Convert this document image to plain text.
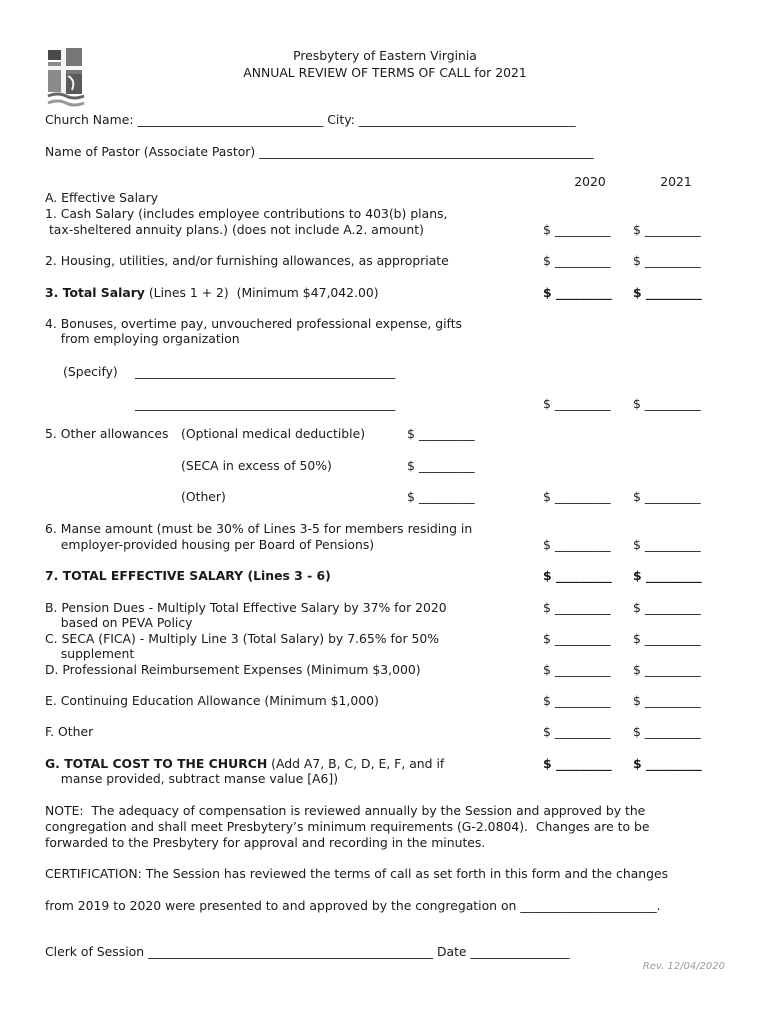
Presbytery of Eastern Virginia
ANNUAL REVIEW OF TERMS OF CALL for 2021
Church Name: ______________________________ City: ___________________________________
Name of Pastor (Associate Pastor) ______________________________________________________
2020	2021
A. Effective Salary
1. Cash Salary (includes employee contributions to 403(b) plans,
tax-sheltered annuity plans.) (does not include A.2. amount)	$ _________ $ _________
2. Housing, utilities, and/or furnishing allowances, as appropriate	$ _________ $ _________
3. Total Salary (Lines 1 + 2)  (Minimum $47,042.00)	$ _________ $ _________
4. Bonuses, overtime pay, unvouchered professional expense, gifts
from employing organization
(Specify) __________________________________________
__________________________________________	$ _________ $ _________
5. Other allowances (Optional medical deductible)	$ _________
(SECA in excess of 50%)	$ _________
(Other)	$ _________	$ _________ $ _________
6. Manse amount (must be 30% of Lines 3-5 for members residing in
employer-provided housing per Board of Pensions)	$ _________ $ _________
7. TOTAL EFFECTIVE SALARY (Lines 3 - 6)	$ _________ $ _________
B. Pension Dues - Multiply Total Effective Salary by 37% for 2020
based on PEVA Policy
$ _________ $ _________
C. SECA (FICA) - Multiply Line 3 (Total Salary) by 7.65% for 50%
supplement
$ _________ $ _________
D. Professional Reimbursement Expenses (Minimum $3,000)	$ _________ $ _________
E. Continuing Education Allowance (Minimum $1,000)	$ _________ $ _________
F. Other	$ _________ $ _________
G. TOTAL COST TO THE CHURCH (Add A7, B, C, D, E, F, and if
manse provided, subtract manse value [A6])
$ _________ $ _________
NOTE:  The adequacy of compensation is reviewed annually by the Session and approved by the
congregation and shall meet Presbytery’s minimum requirements (G-2.0804).  Changes are to be
forwarded to the Presbytery for approval and recording in the minutes.
CERTIFICATION: The Session has reviewed the terms of call as set forth in this form and the changes
from 2019 to 2020 were presented to and approved by the congregation on ______________________.
Clerk of Session ______________________________________________ Date ________________
Rev. 12/04/2020
